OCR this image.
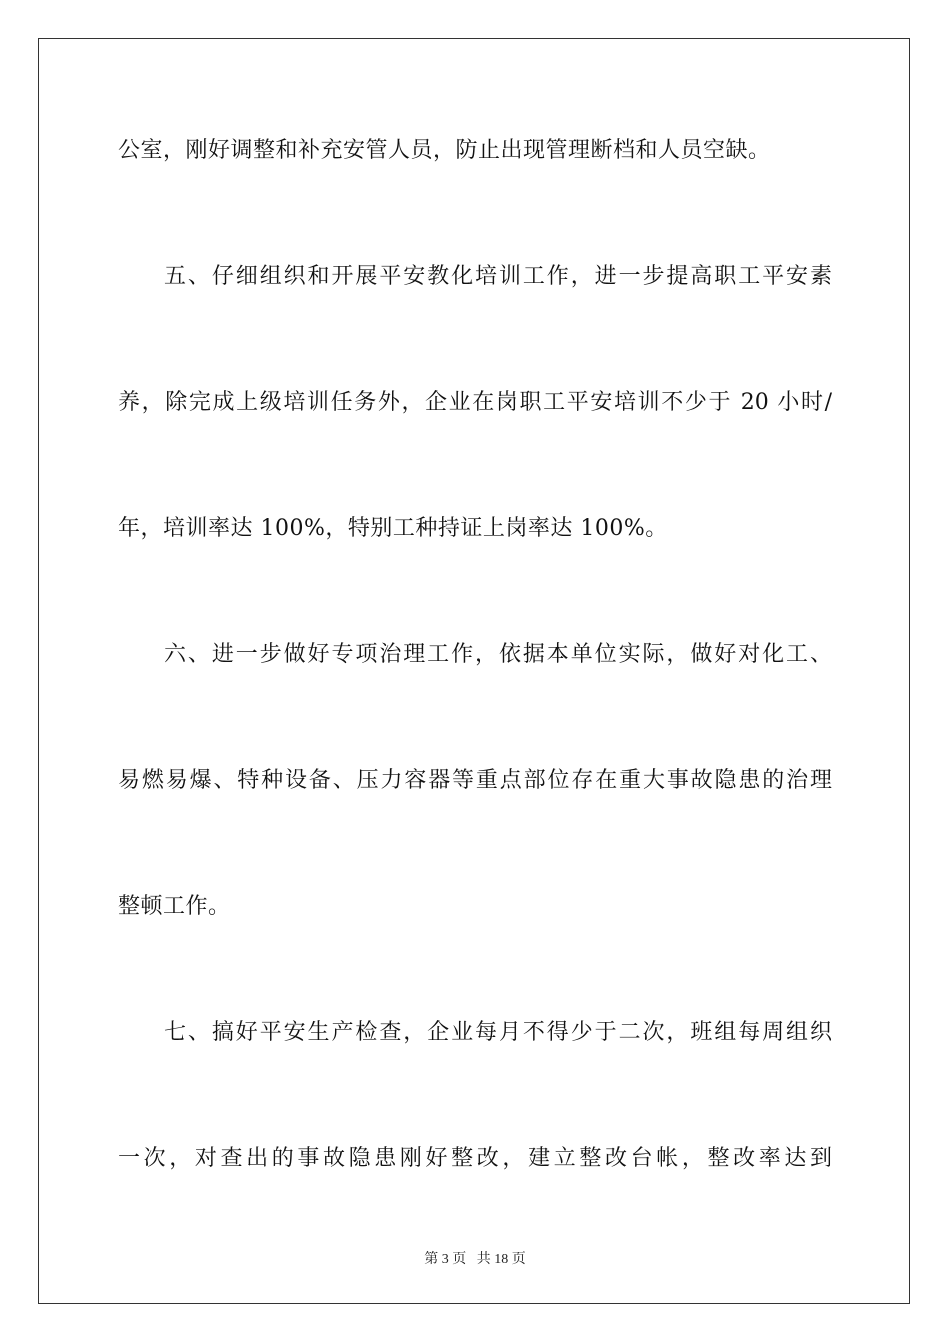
公室，刚好调整和补充安管人员，防止出现管理断档和人员空缺。
五、仔细组织和开展平安教化培训工作，进一步提高职工平安素
养，除完成上级培训任务外，企业在岗职工平安培训不少于 20 小时/
年，培训率达 100%，特别工种持证上岗率达 100%。
六、进一步做好专项治理工作，依据本单位实际，做好对化工、
易燃易爆、特种设备、压力容器等重点部位存在重大事故隐患的治理
整顿工作。
七、搞好平安生产检查，企业每月不得少于二次，班组每周组织
一次，对查出的事故隐患刚好整改，建立整改台帐，整改率达到
第 3 页 共 18 页
